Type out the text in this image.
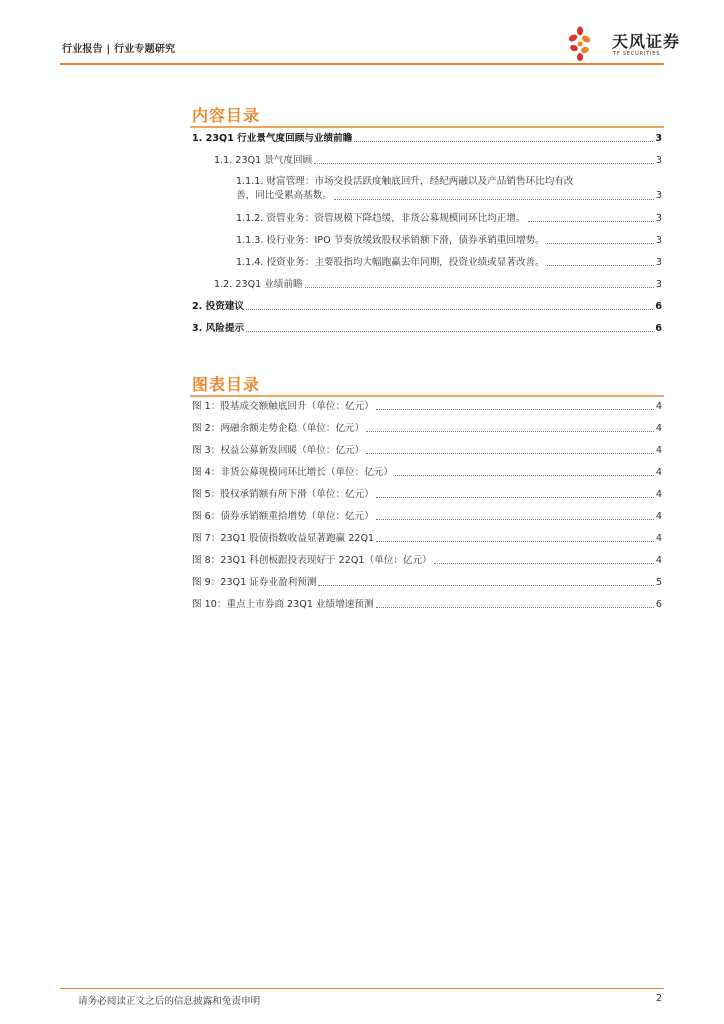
行业报告 | 行业专题研究	天风证券
TF SECURITIES
内容目录
1. 23Q1 行业景气度回顾与业绩前瞻	3
1.1. 23Q1 景气度回顾	3
1.1.1. 财富管理：市场交投活跃度触底回升，经纪两融以及产品销售环比均有改
善，同比受累高基数。	3
1.1.2. 资管业务：资管规模下降趋缓，非货公募规模同环比均正增。	3
1.1.3. 投行业务：IPO 节奏放缓致股权承销额下滑，债券承销重回增势。	3
1.1.4. 投资业务：主要股指均大幅跑赢去年同期，投资业绩或显著改善。	3
1.2. 23Q1 业绩前瞻	3
2. 投资建议	6
3. 风险提示	6
图表目录
图 1：股基成交额触底回升（单位：亿元）	4
图 2：两融余额走势企稳（单位：亿元）	4
图 3：权益公募新发回暖（单位：亿元）	4
图 4：非货公募规模同环比增长（单位：亿元）	4
图 5：股权承销额有所下滑（单位：亿元）	4
图 6：债券承销额重拾增势（单位：亿元）	4
图 7：23Q1 股债指数收益显著跑赢 22Q1	4
图 8：23Q1 科创板跟投表现好于 22Q1（单位：亿元）	4
图 9：23Q1 证券业盈利预测	5
图 10：重点上市券商 23Q1 业绩增速预测	6
请务必阅读正文之后的信息披露和免责申明	2
